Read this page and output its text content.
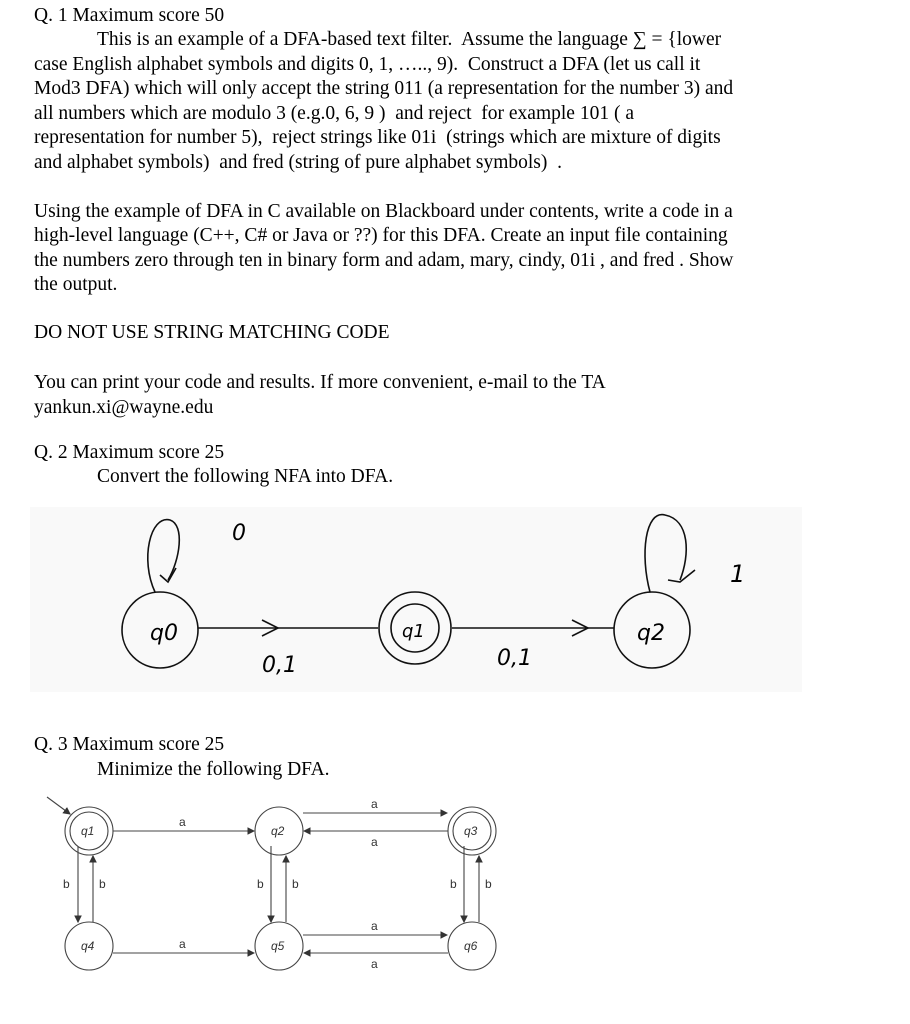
Q. 1 Maximum score 50
This is an example of a DFA-based text filter.  Assume the language ∑ = {lower
case English alphabet symbols and digits 0, 1, ….., 9).  Construct a DFA (let us call it
Mod3 DFA) which will only accept the string 011 (a representation for the number 3) and
all numbers which are modulo 3 (e.g.0, 6, 9 )  and reject  for example 101 ( a
representation for number 5),  reject strings like 01i  (strings which are mixture of digits
and alphabet symbols)  and fred (string of pure alphabet symbols)  .
Using the example of DFA in C available on Blackboard under contents, write a code in a
high-level language (C++, C# or Java or ??) for this DFA. Create an input file containing
the numbers zero through ten in binary form and adam, mary, cindy, 01i , and fred . Show
the output.
DO NOT USE STRING MATCHING CODE
You can print your code and results. If more convenient, e-mail to the TA
yankun.xi@wayne.edu
Q. 2 Maximum score 25
Convert the following NFA into DFA.
q0	q1	q2
0
0,1	0,1
1
Q. 3 Maximum score 25
Minimize the following DFA.
q1	q2	q3
q4	q5	q6
a
a
a
a
a
a
b b	b b	b b
